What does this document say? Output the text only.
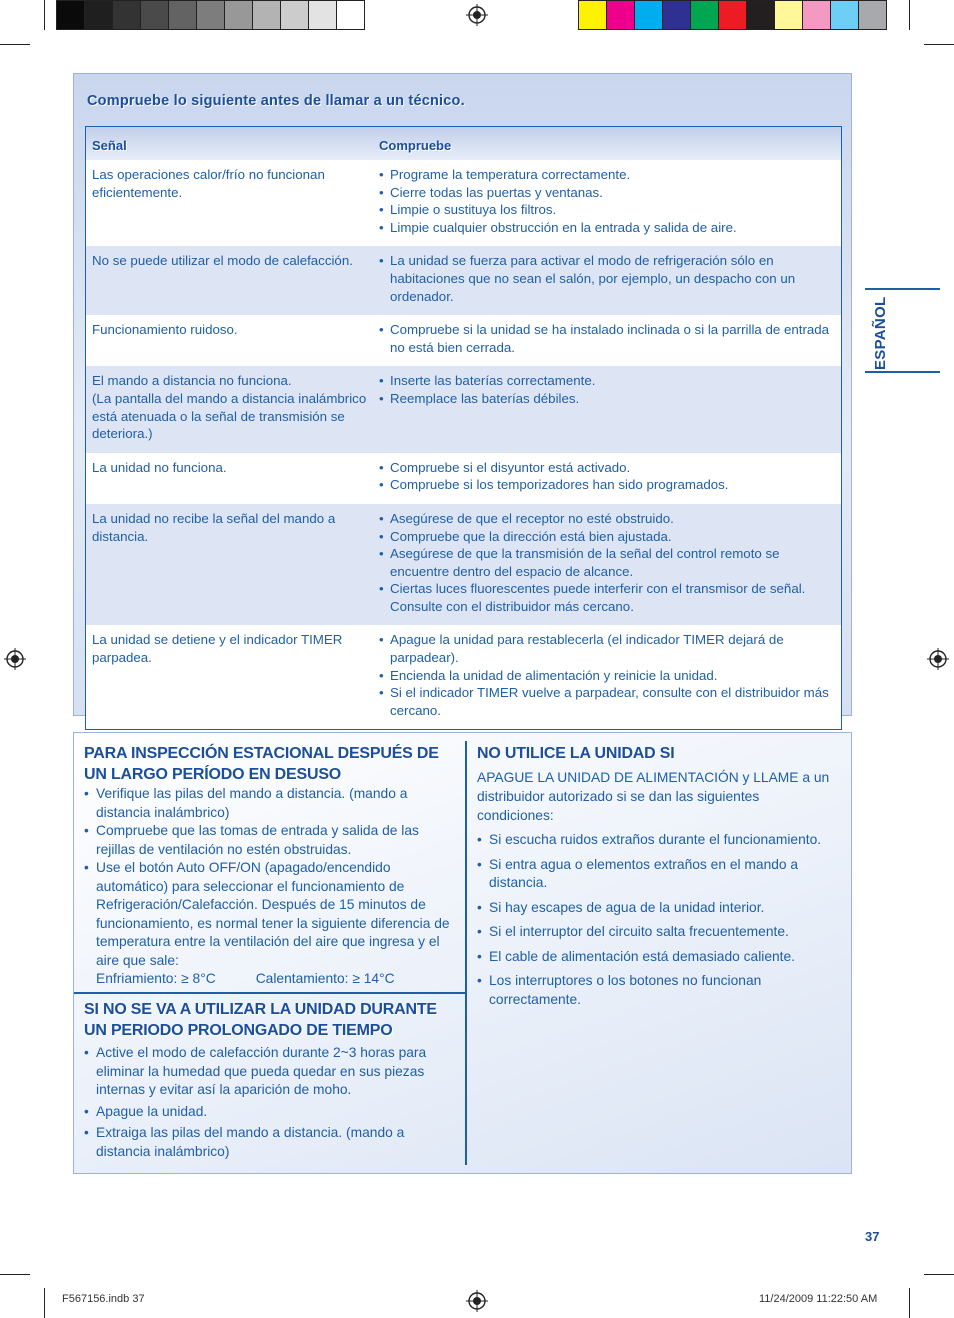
Compruebe lo siguiente antes de llamar a un técnico.
Señal	Compruebe
Las operaciones calor/frío no funcionan eficientemente.
• Programe la temperatura correctamente.
• Cierre todas las puertas y ventanas.
• Limpie o sustituya los filtros.
• Limpie cualquier obstrucción en la entrada y salida de aire.
No se puede utilizar el modo de calefacción.	• La unidad se fuerza para activar el modo de refrigeración sólo en habitaciones que no sean el salón, por ejemplo, un despacho con un ordenador.
Funcionamiento ruidoso.	• Compruebe si la unidad se ha instalado inclinada o si la parrilla de entrada no está bien cerrada.
El mando a distancia no funciona.
(La pantalla del mando a distancia inalámbrico está atenuada o la señal de transmisión se deteriora.)
• Inserte las baterías correctamente.
• Reemplace las baterías débiles.
La unidad no funciona.	• Compruebe si el disyuntor está activado.
• Compruebe si los temporizadores han sido programados.
La unidad no recibe la señal del mando a distancia.
• Asegúrese de que el receptor no esté obstruido.
• Compruebe que la dirección está bien ajustada.
• Asegúrese de que la transmisión de la señal del control remoto se encuentre dentro del espacio de alcance.
• Ciertas luces fluorescentes puede interferir con el transmisor de señal. Consulte con el distribuidor más cercano.
La unidad se detiene y el indicador TIMER parpadea.
• Apague la unidad para restablecerla (el indicador TIMER dejará de parpadear).
• Encienda la unidad de alimentación y reinicie la unidad.
• Si el indicador TIMER vuelve a parpadear, consulte con el distribuidor más cercano.
ESPAÑOL
PARA INSPECCIÓN ESTACIONAL DESPUÉS DE UN LARGO PERÍODO EN DESUSO
• Verifique las pilas del mando a distancia. (mando a distancia inalámbrico)
• Compruebe que las tomas de entrada y salida de las rejillas de ventilación no estén obstruidas.
• Use el botón Auto OFF/ON (apagado/encendido automático) para seleccionar el funcionamiento de Refrigeración/Calefacción. Después de 15 minutos de funcionamiento, es normal tener la siguiente diferencia de temperatura entre la ventilación del aire que ingresa y el aire que sale:
Enfriamiento: ≥ 8°C	Calentamiento: ≥ 14°C
SI NO SE VA A UTILIZAR LA UNIDAD DURANTE UN PERIODO PROLONGADO DE TIEMPO
• Active el modo de calefacción durante 2~3 horas para eliminar la humedad que pueda quedar en sus piezas internas y evitar así la aparición de moho.
• Apague la unidad.
• Extraiga las pilas del mando a distancia. (mando a distancia inalámbrico)
NO UTILICE LA UNIDAD SI

APAGUE LA UNIDAD DE ALIMENTACIÓN y LLAME a un distribuidor autorizado si se dan las siguientes condiciones:

• Si escucha ruidos extraños durante el funcionamiento.
• Si entra agua o elementos extraños en el mando a distancia.
• Si hay escapes de agua de la unidad interior.
• Si el interruptor del circuito salta frecuentemente.
• El cable de alimentación está demasiado caliente.
• Los interruptores o los botones no funcionan correctamente.
37
F567156.indb 37	11/24/2009 11:22:50 AM
